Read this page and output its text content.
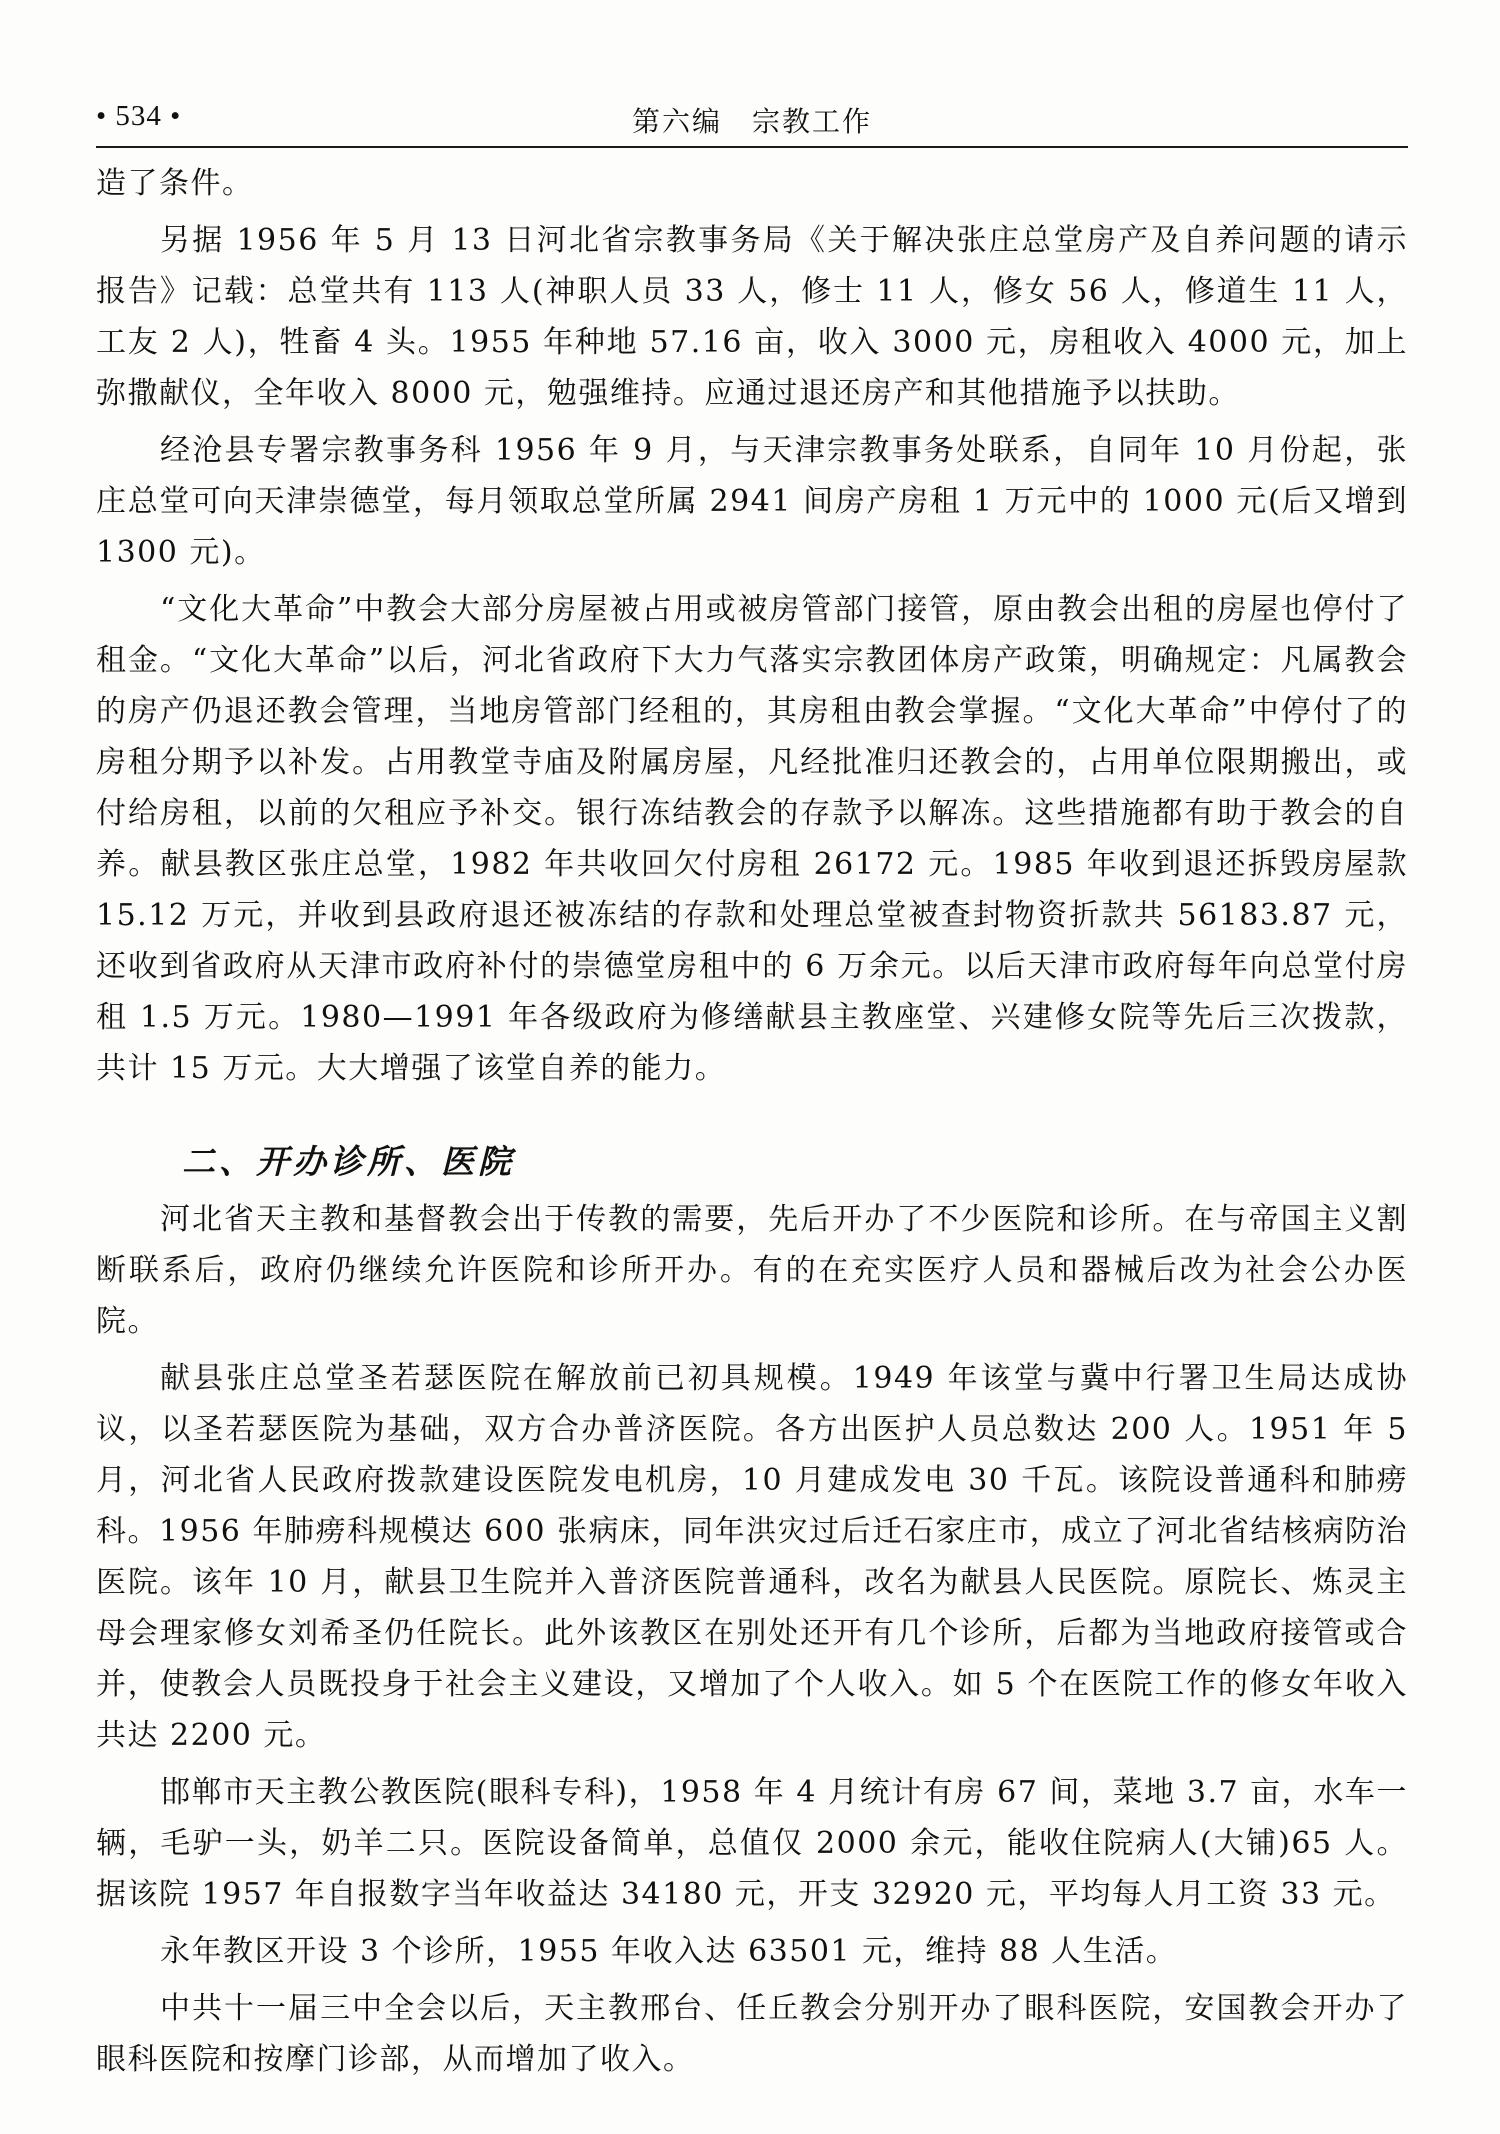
• 534 •	第六编　宗教工作

造了条件。

另据 1956 年 5 月 13 日河北省宗教事务局《关于解决张庄总堂房产及自养问题的请示报告》记载：总堂共有 113 人(神职人员 33 人，修士 11 人，修女 56 人，修道生 11 人，工友 2 人)，牲畜 4 头。1955 年种地 57.16 亩，收入 3000 元，房租收入 4000 元，加上弥撒献仪，全年收入 8000 元，勉强维持。应通过退还房产和其他措施予以扶助。

经沧县专署宗教事务科 1956 年 9 月，与天津宗教事务处联系，自同年 10 月份起，张庄总堂可向天津崇德堂，每月领取总堂所属 2941 间房产房租 1 万元中的 1000 元(后又增到 1300 元)。

“文化大革命”中教会大部分房屋被占用或被房管部门接管，原由教会出租的房屋也停付了租金。“文化大革命”以后，河北省政府下大力气落实宗教团体房产政策，明确规定：凡属教会的房产仍退还教会管理，当地房管部门经租的，其房租由教会掌握。“文化大革命”中停付了的房租分期予以补发。占用教堂寺庙及附属房屋，凡经批准归还教会的，占用单位限期搬出，或付给房租，以前的欠租应予补交。银行冻结教会的存款予以解冻。这些措施都有助于教会的自养。献县教区张庄总堂，1982 年共收回欠付房租 26172 元。1985 年收到退还拆毁房屋款 15.12 万元，并收到县政府退还被冻结的存款和处理总堂被查封物资折款共 56183.87 元，还收到省政府从天津市政府补付的崇德堂房租中的 6 万余元。以后天津市政府每年向总堂付房租 1.5 万元。1980—1991 年各级政府为修缮献县主教座堂、兴建修女院等先后三次拨款，共计 15 万元。大大增强了该堂自养的能力。

二、开办诊所、医院

河北省天主教和基督教会出于传教的需要，先后开办了不少医院和诊所。在与帝国主义割断联系后，政府仍继续允许医院和诊所开办。有的在充实医疗人员和器械后改为社会公办医院。

献县张庄总堂圣若瑟医院在解放前已初具规模。1949 年该堂与冀中行署卫生局达成协议，以圣若瑟医院为基础，双方合办普济医院。各方出医护人员总数达 200 人。1951 年 5 月，河北省人民政府拨款建设医院发电机房，10 月建成发电 30 千瓦。该院设普通科和肺痨科。1956 年肺痨科规模达 600 张病床，同年洪灾过后迁石家庄市，成立了河北省结核病防治医院。该年 10 月，献县卫生院并入普济医院普通科，改名为献县人民医院。原院长、炼灵主母会理家修女刘希圣仍任院长。此外该教区在别处还开有几个诊所，后都为当地政府接管或合并，使教会人员既投身于社会主义建设，又增加了个人收入。如 5 个在医院工作的修女年收入共达 2200 元。

邯郸市天主教公教医院(眼科专科)，1958 年 4 月统计有房 67 间，菜地 3.7 亩，水车一辆，毛驴一头，奶羊二只。医院设备简单，总值仅 2000 余元，能收住院病人(大铺)65 人。据该院 1957 年自报数字当年收益达 34180 元，开支 32920 元，平均每人月工资 33 元。

永年教区开设 3 个诊所，1955 年收入达 63501 元，维持 88 人生活。

中共十一届三中全会以后，天主教邢台、任丘教会分别开办了眼科医院，安国教会开办了眼科医院和按摩门诊部，从而增加了收入。
